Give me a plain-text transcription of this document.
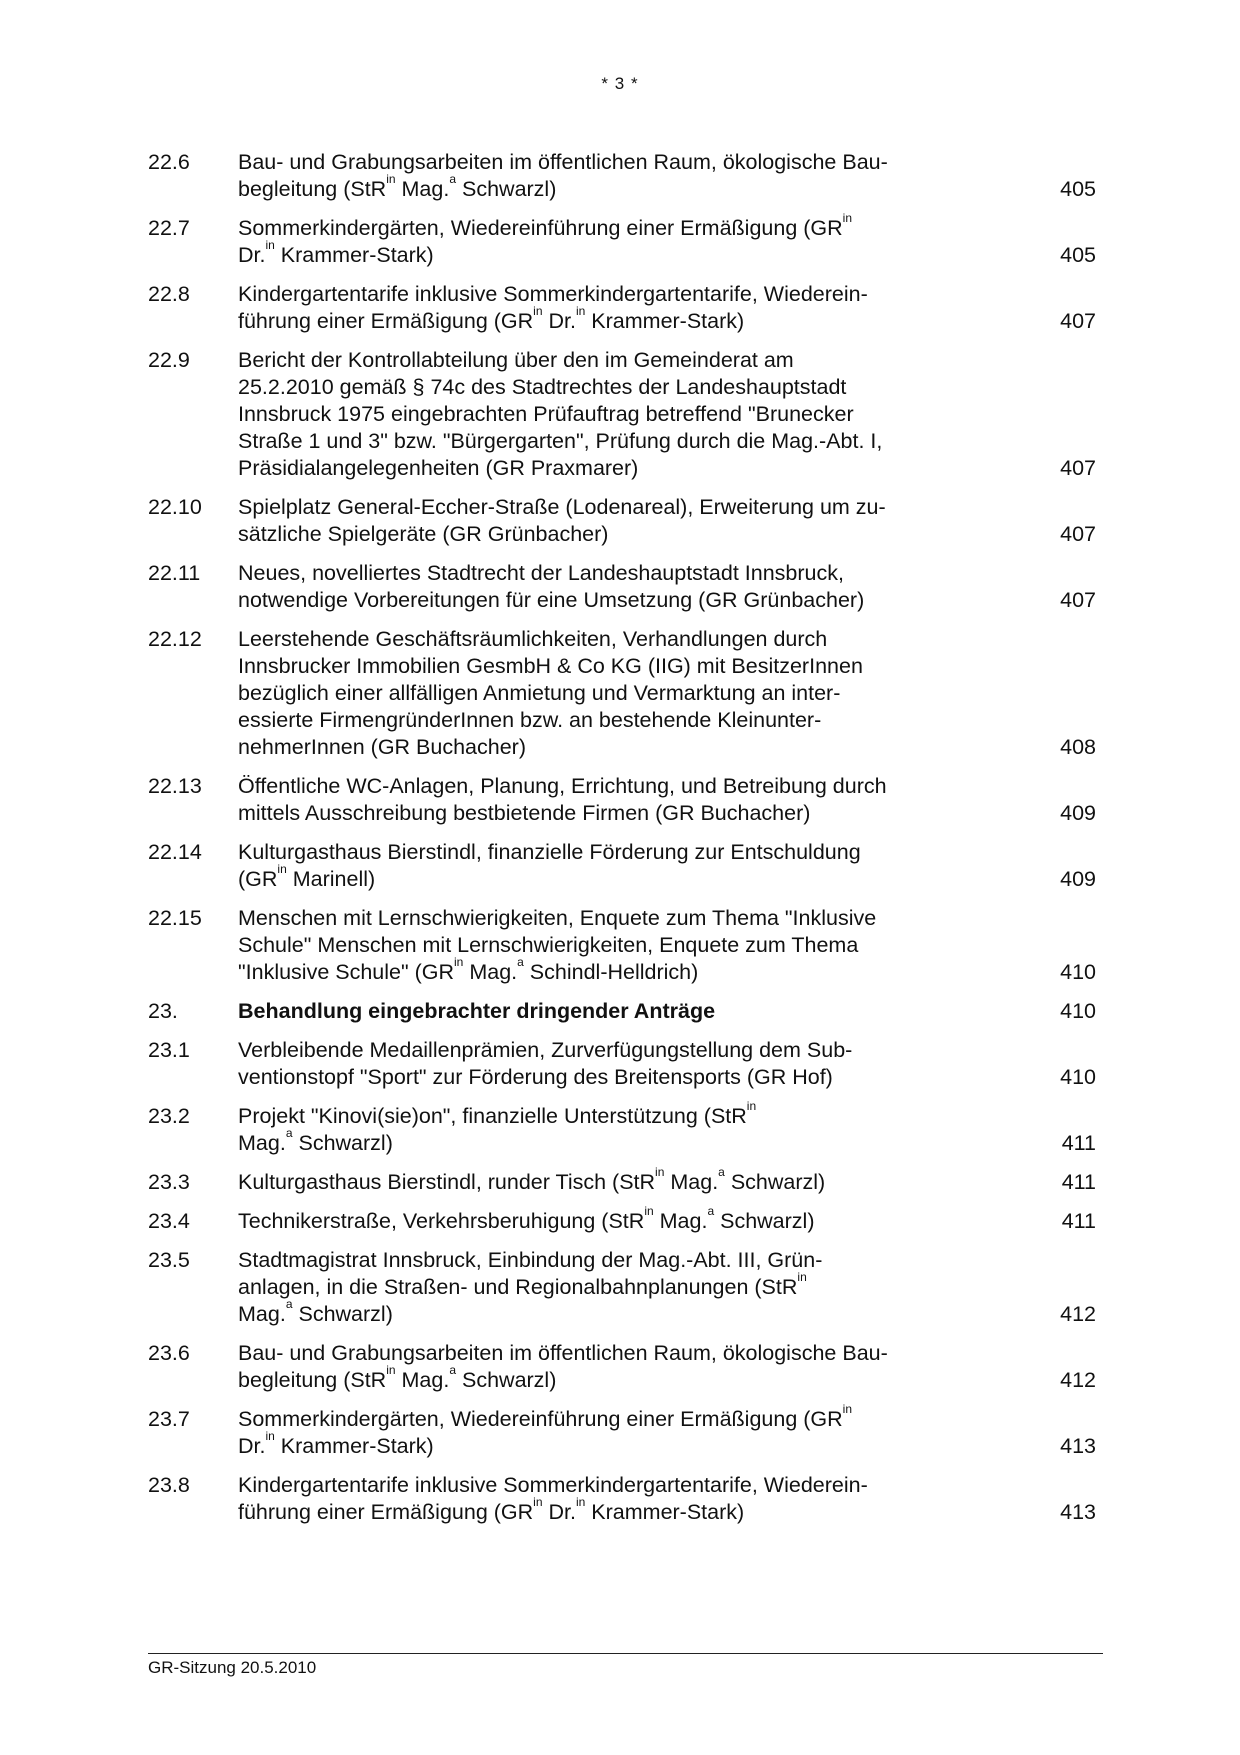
* 3 *
22.6	Bau- und Grabungsarbeiten im öffentlichen Raum, ökologische Bau-
begleitung (StR$^{in}$ Mag.$^a$ Schwarzl)	405
22.7	Sommerkindergärten, Wiedereinführung einer Ermäßigung ($GR^{in}$
Dr.$^{in}$ Krammer-Stark)	405
22.8	Kindergartentarife inklusive Sommerkindergartentarife, Wiederein-
führung einer Ermäßigung ($GR^{in}$ Dr.$^{in}$ Krammer-Stark)	407
22.9	Bericht der Kontrollabteilung über den im Gemeinderat am
25.2.2010 gemäß § 74c des Stadtrechtes der Landeshauptstadt
Innsbruck 1975 eingebrachten Prüfauftrag betreffend "Brunecker
Straße 1 und 3" bzw. "Bürgergarten", Prüfung durch die Mag.-Abt. I,
Präsidialangelegenheiten (GR Praxmarer)	407
22.10	Spielplatz General-Eccher-Straße (Lodenareal), Erweiterung um zu-
sätzliche Spielgeräte (GR Grünbacher)	407
22.11	Neues, novelliertes Stadtrecht der Landeshauptstadt Innsbruck,
notwendige Vorbereitungen für eine Umsetzung (GR Grünbacher)	407
22.12	Leerstehende Geschäftsräumlichkeiten, Verhandlungen durch
Innsbrucker Immobilien GesmbH & Co KG (IIG) mit BesitzerInnen
bezüglich einer allfälligen Anmietung und Vermarktung an inter-
essierte FirmengründerInnen bzw. an bestehende Kleinunter-
nehmerInnen (GR Buchacher)	408
22.13	Öffentliche WC-Anlagen, Planung, Errichtung, und Betreibung durch
mittels Ausschreibung bestbietende Firmen (GR Buchacher)	409
22.14	Kulturgasthaus Bierstindl, finanzielle Förderung zur Entschuldung
($GR^{in}$ Marinell)	409
22.15	Menschen mit Lernschwierigkeiten, Enquete zum Thema "Inklusive
Schule" Menschen mit Lernschwierigkeiten, Enquete zum Thema
"Inklusive Schule" ($GR^{in}$ Mag.$^a$ Schindl-Helldrich)	410
23.	Behandlung eingebrachter dringender Anträge	410
23.1	Verbleibende Medaillenprämien, Zurverfügungstellung dem Sub-
ventionstopf "Sport" zur Förderung des Breitensports (GR Hof)	410
23.2	Projekt "Kinovi(sie)on", finanzielle Unterstützung (StR$^{in}$
Mag.$^a$ Schwarzl)	411
23.3	Kulturgasthaus Bierstindl, runder Tisch (StR$^{in}$ Mag.$^a$ Schwarzl)	411
23.4	Technikerstraße, Verkehrsberuhigung (StR$^{in}$ Mag.$^a$ Schwarzl)	411
23.5	Stadtmagistrat Innsbruck, Einbindung der Mag.-Abt. III, Grün-
anlagen, in die Straßen- und Regionalbahnplanungen (StR$^{in}$
Mag.$^a$ Schwarzl)	412
23.6	Bau- und Grabungsarbeiten im öffentlichen Raum, ökologische Bau-
begleitung (StR$^{in}$ Mag.$^a$ Schwarzl)	412
23.7	Sommerkindergärten, Wiedereinführung einer Ermäßigung ($GR^{in}$
Dr.$^{in}$ Krammer-Stark)	413
23.8	Kindergartentarife inklusive Sommerkindergartentarife, Wiederein-
führung einer Ermäßigung ($GR^{in}$ Dr.$^{in}$ Krammer-Stark)	413
GR-Sitzung 20.5.2010
